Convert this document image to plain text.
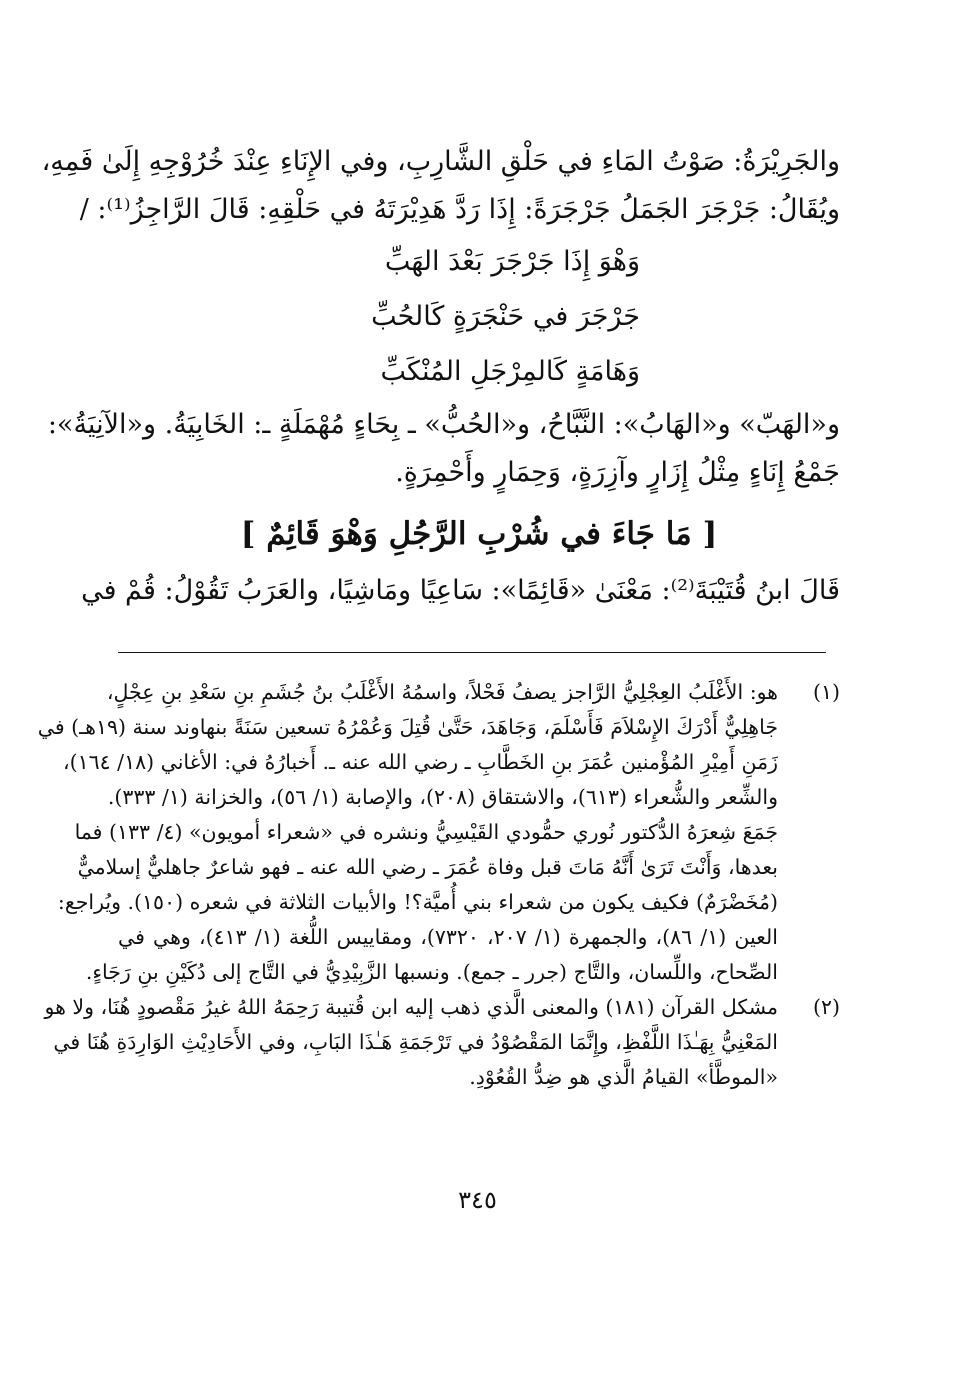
والجَرِيْرَةُ: صَوْتُ المَاءِ في حَلْقِ الشَّارِبِ، وفي الإِنَاءِ عِنْدَ خُرُوْجِهِ إِلَىٰ فَمِهِ،
ويُقَالُ: جَرْجَرَ الجَمَلُ جَرْجَرَةً: إِذَا رَدَّ هَدِيْرَتَهُ في حَلْقِهِ: قَالَ الرَّاجِزُ⁽¹⁾: /
وَهْوَ إِذَا جَرْجَرَ بَعْدَ الهَبِّ
جَرْجَرَ في حَنْجَرَةٍ كَالحُبِّ
وَهَامَةٍ كَالمِرْجَلِ المُنْكَبِّ
و«الهَبّ» و«الهَابُ»: النَّبَّاحُ، و«الحُبُّ» ـ بِحَاءٍ مُهْمَلَةٍ ـ: الخَابِيَةُ. و«الآنِيَةُ»:
جَمْعُ إِنَاءٍ مِثْلُ إِزَارٍ وآزِرَةٍ، وَحِمَارٍ وأَحْمِرَةٍ.
[ مَا جَاءَ في شُرْبِ الرَّجُلِ وَهْوَ قَائِمٌ ]
قَالَ ابنُ قُتَيْبَةَ⁽²⁾: مَعْنَىٰ «قَائِمًا»: سَاعِيًا ومَاشِيًا، والعَرَبُ تَقُوْلُ: قُمْ في
(١)
هو: الأَغْلَبُ العِجْلِيُّ الرَّاجز يصفُ فَحْلاً، واسمُهُ الأَغْلَبُ بنُ جُشَمِ بنِ سَعْدِ بنِ عِجْلٍ،
جَاهِلِيٌّ أَدْرَكَ الإِسْلاَمَ فَأَسْلَمَ، وَجَاهَدَ، حَتَّىٰ قُتِلَ وَعُمْرُهُ تسعين سَنَةً بنهاوند سنة (١٩هـ) في
زَمَنِ أَمِيْرِ المُؤْمنين عُمَرَ بنِ الخَطَّابِ ـ رضي الله عنه ـ. أَخبارُهُ في: الأغاني (١٨/ ١٦٤)،
والشِّعر والشُّعراء (٦١٣)، والاشتقاق (٢٠٨)، والإصابة (١/ ٥٦)، والخزانة (١/ ٣٣٣).
جَمَعَ شِعرَهُ الدُّكتور نُوري حمُّودي القَيْسِيُّ ونشره في «شعراء أمويون» (٤/ ١٣٣) فما
بعدها، وَأَنْتَ تَرَىٰ أَنَّهُ مَاتَ قبل وفاة عُمَرَ ـ رضي الله عنه ـ فهو شاعرٌ جاهليٌّ إسلاميٌّ
(مُخَضْرَمٌ) فكيف يكون من شعراء بني أُميَّة؟! والأبيات الثلاثة في شعره (١٥٠). ويُراجع:
العين (١/ ٨٦)، والجمهرة (١/ ٢٠٧، ٧٣٢٠)، ومقاييس اللُّغة (١/ ٤١٣)، وهي في
الصِّحاح، واللِّسان، والتَّاج (جرر ـ جمع). ونسبها الزَّبِيْدِيُّ في التَّاج إلى دُكَيْنِ بنِ رَجَاءٍ.
(٢)
مشكل القرآن (١٨١) والمعنى الَّذي ذهب إليه ابن قُتيبة رَحِمَهُ اللهُ غيرُ مَقْصودٍ هُنَا، ولا هو
المَعْنِيُّ بِهَـٰذَا اللَّفْظِ، وإِنَّمَا المَقْصُوْدُ في تَرْجَمَةِ هَـٰذَا البَابِ، وفي الأَحَادِيْثِ الوَارِدَةِ هُنَا في
«الموطَّأ» القيامُ الَّذي هو ضِدُّ القُعُوْدِ.
٣٤٥
